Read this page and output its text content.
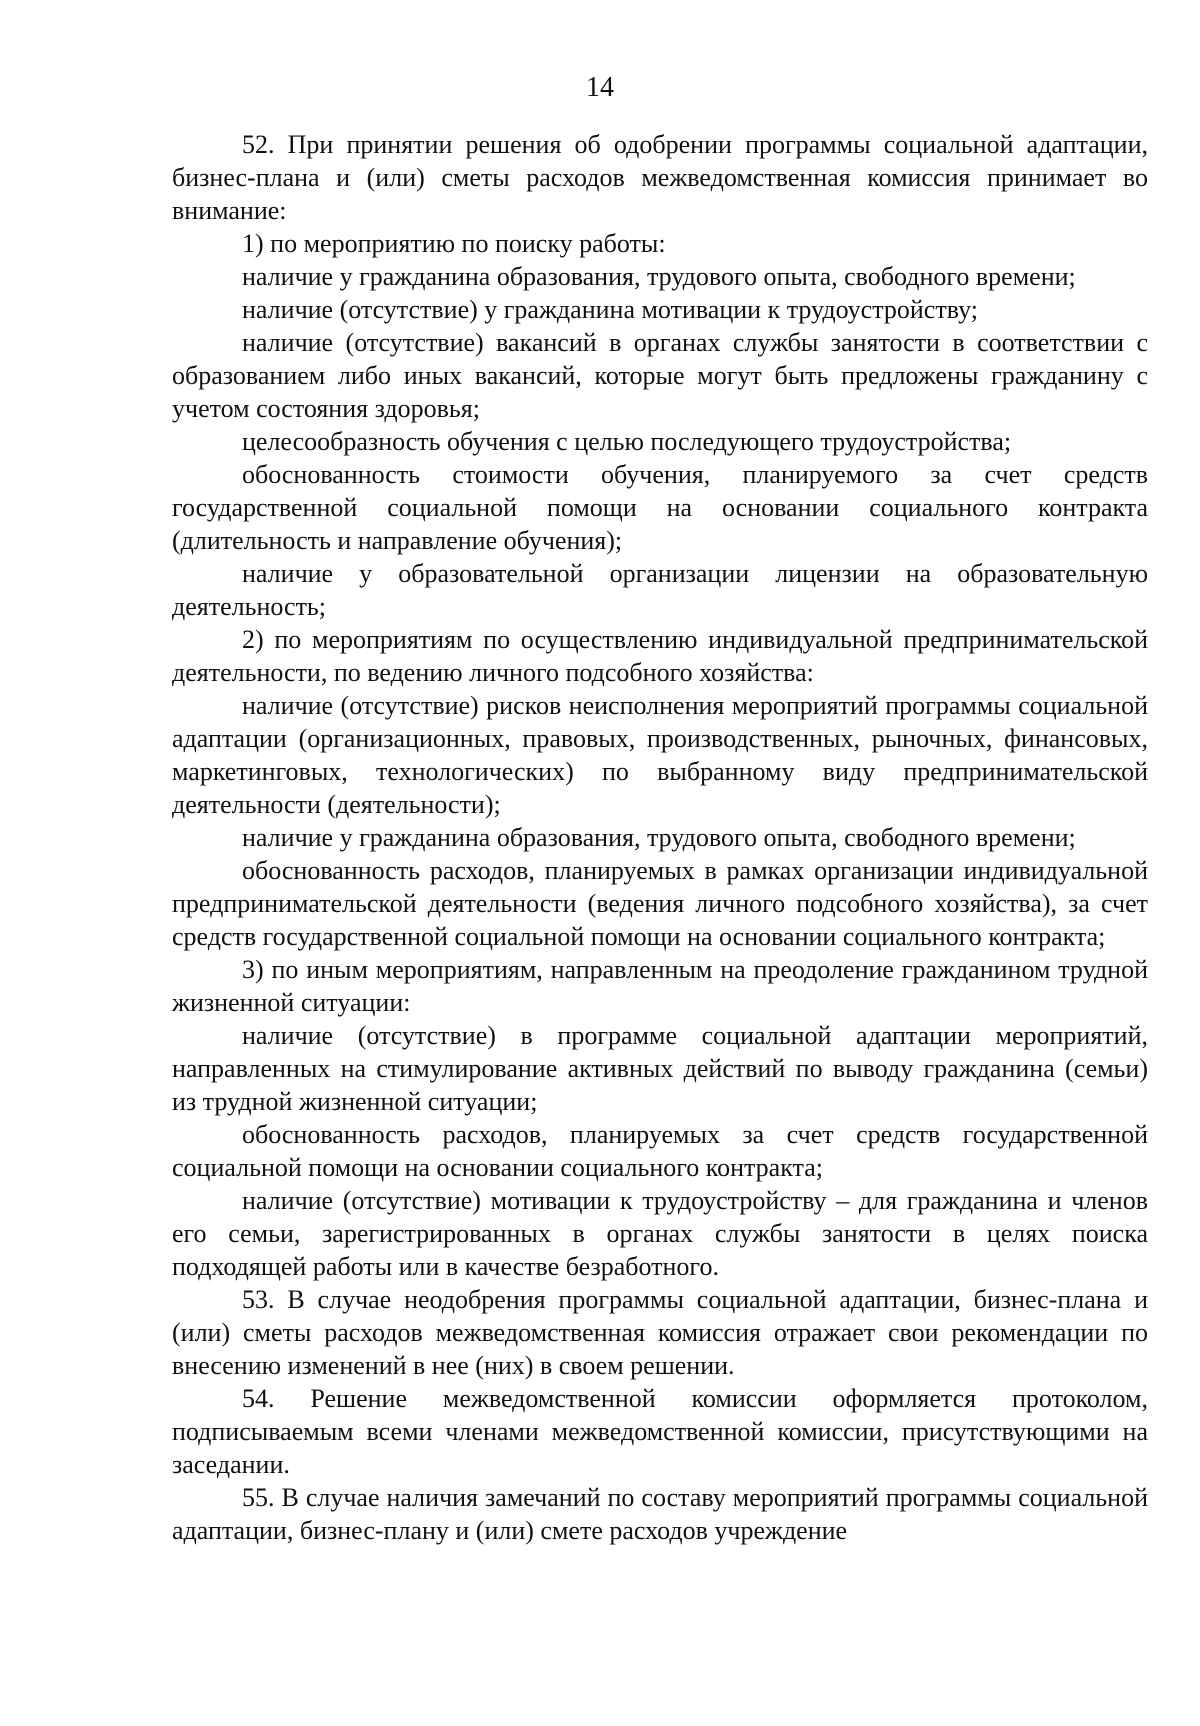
14

52. При принятии решения об одобрении программы социальной адаптации, бизнес-плана и (или) сметы расходов межведомственная комиссия принимает во внимание:

1) по мероприятию по поиску работы:

наличие у гражданина образования, трудового опыта, свободного времени;

наличие (отсутствие) у гражданина мотивации к трудоустройству;

наличие (отсутствие) вакансий в органах службы занятости в соответствии с образованием либо иных вакансий, которые могут быть предложены гражданину с учетом состояния здоровья;

целесообразность обучения с целью последующего трудоустройства;

обоснованность стоимости обучения, планируемого за счет средств государственной социальной помощи на основании социального контракта (длительность и направление обучения);

наличие у образовательной организации лицензии на образовательную деятельность;

2) по мероприятиям по осуществлению индивидуальной предпринимательской деятельности, по ведению личного подсобного хозяйства:

наличие (отсутствие) рисков неисполнения мероприятий программы социальной адаптации (организационных, правовых, производственных, рыночных, финансовых, маркетинговых, технологических) по выбранному виду предпринимательской деятельности (деятельности);

наличие у гражданина образования, трудового опыта, свободного времени;

обоснованность расходов, планируемых в рамках организации индивидуальной предпринимательской деятельности (ведения личного подсобного хозяйства), за счет средств государственной социальной помощи на основании социального контракта;

3) по иным мероприятиям, направленным на преодоление гражданином трудной жизненной ситуации:

наличие (отсутствие) в программе социальной адаптации мероприятий, направленных на стимулирование активных действий по выводу гражданина (семьи) из трудной жизненной ситуации;

обоснованность расходов, планируемых за счет средств государственной социальной помощи на основании социального контракта;

наличие (отсутствие) мотивации к трудоустройству – для гражданина и членов его семьи, зарегистрированных в органах службы занятости в целях поиска подходящей работы или в качестве безработного.

53. В случае неодобрения программы социальной адаптации, бизнес-плана и (или) сметы расходов межведомственная комиссия отражает свои рекомендации по внесению изменений в нее (них) в своем решении.

54. Решение межведомственной комиссии оформляется протоколом, подписываемым всеми членами межведомственной комиссии, присутствующими на заседании.

55. В случае наличия замечаний по составу мероприятий программы социальной адаптации, бизнес-плану и (или) смете расходов учреждение
